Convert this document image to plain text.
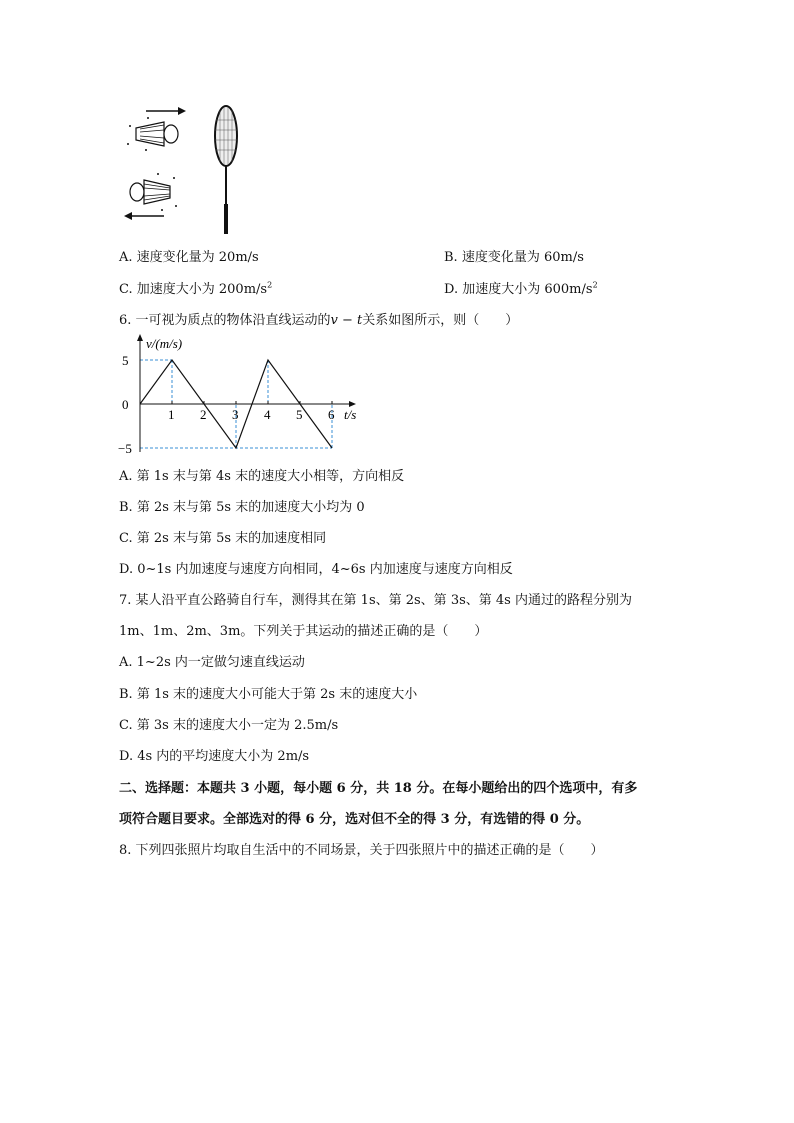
A. 速度变化量为 20m/s	B. 速度变化量为 60m/s
C. 加速度大小为 $200m/s^2$	D. 加速度大小为 $600m/s^2$
6. 一可视为质点的物体沿直线运动的v − t关系如图所示，则（　　）
1 2 3 4 5 6
5
0
−5
v/(m/s)
t/s
A. 第 1s 末与第 4s 末的速度大小相等，方向相反
B. 第 2s 末与第 5s 末的加速度大小均为 0
C. 第 2s 末与第 5s 末的加速度相同
D. 0~1s 内加速度与速度方向相同，4~6s 内加速度与速度方向相反
7. 某人沿平直公路骑自行车，测得其在第 1s、第 2s、第 3s、第 4s 内通过的路程分别为
1m、1m、2m、3m。下列关于其运动的描述正确的是（　　）
A. 1~2s 内一定做匀速直线运动
B. 第 1s 末的速度大小可能大于第 2s 末的速度大小
C. 第 3s 末的速度大小一定为 2.5m/s
D. 4s 内的平均速度大小为 2m/s
二、选择题：本题共 3 小题，每小题 6 分，共 18 分。在每小题给出的四个选项中，有多
项符合题目要求。全部选对的得 6 分，选对但不全的得 3 分，有选错的得 0 分。
8. 下列四张照片均取自生活中的不同场景，关于四张照片中的描述正确的是（　　）
